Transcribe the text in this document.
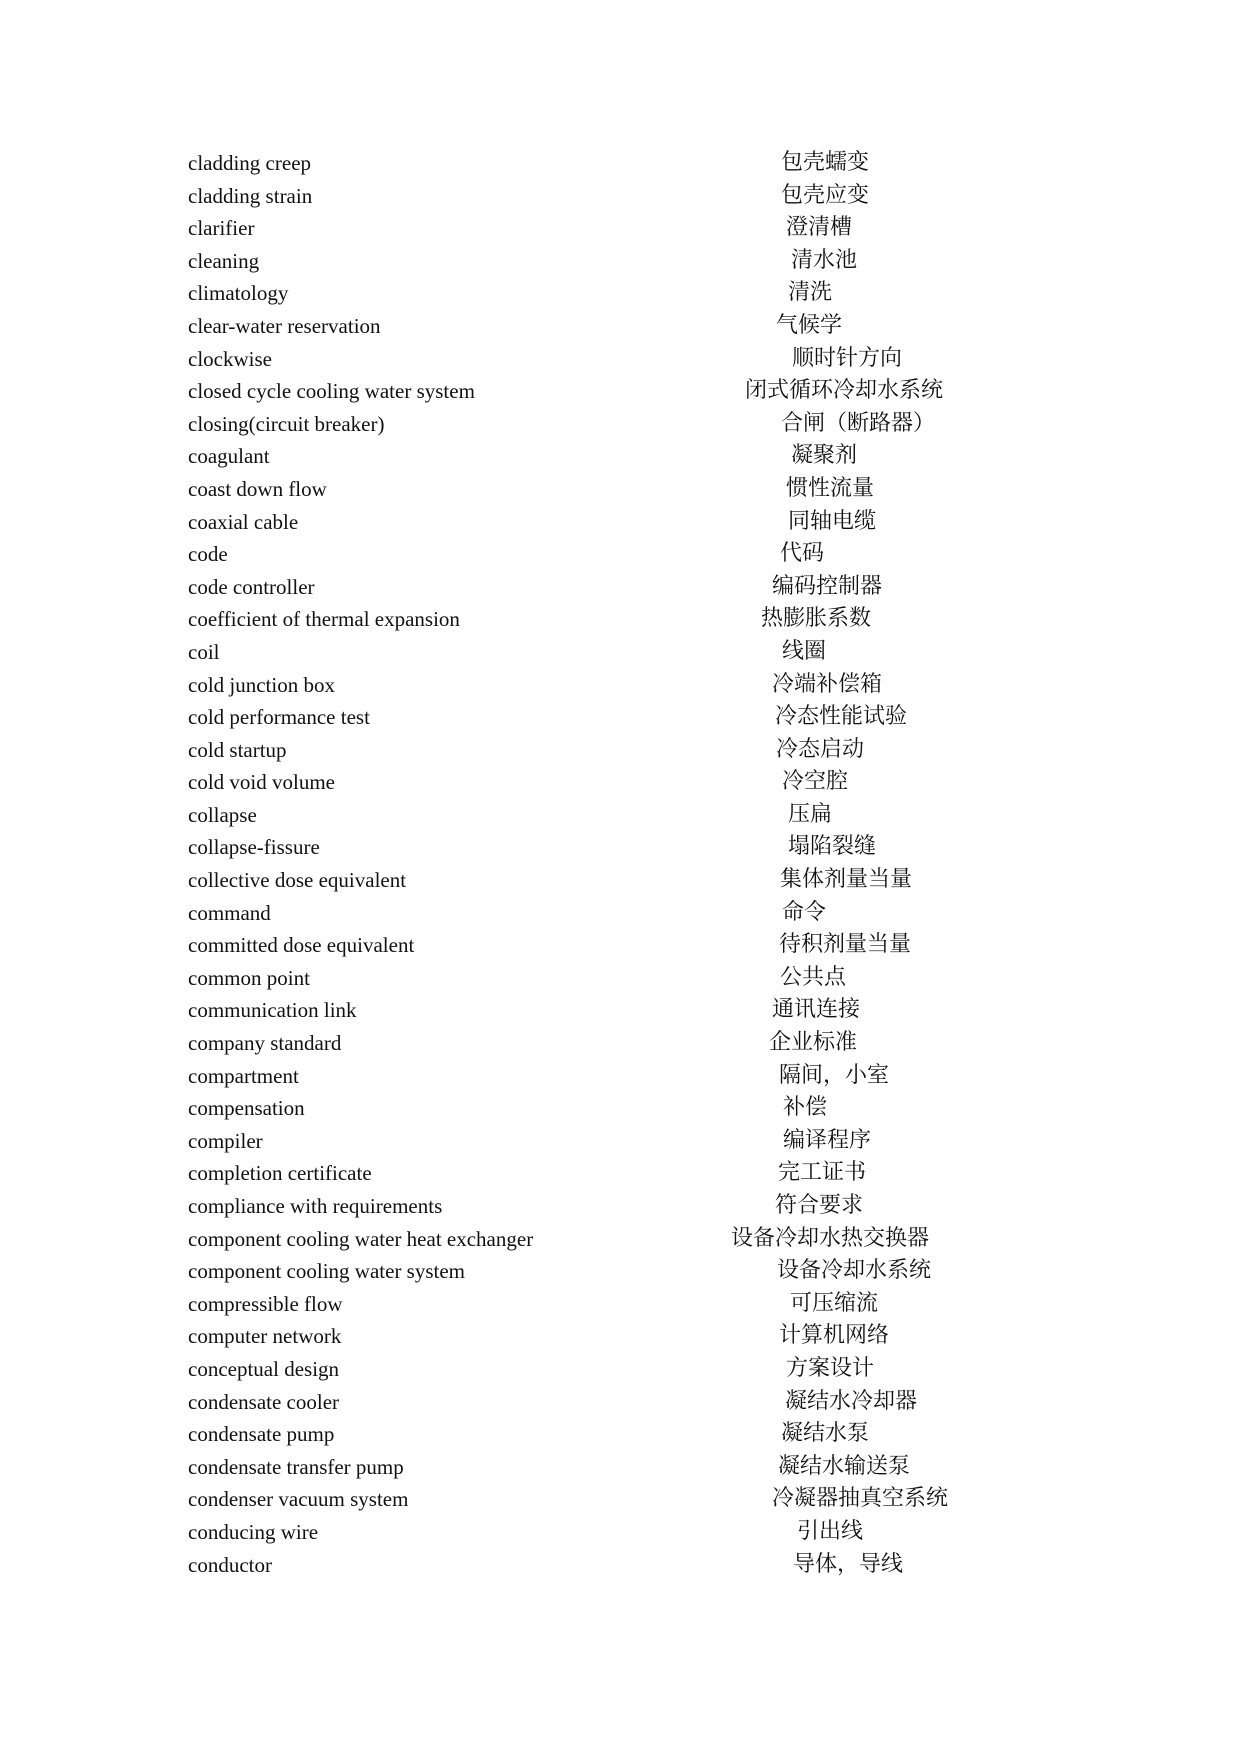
cladding creep	包壳蠕变
cladding strain	包壳应变
clarifier	澄清槽
cleaning	清水池
climatology	清洗
clear-water reservation	气候学
clockwise	顺时针方向
closed cycle cooling water system	闭式循环冷却水系统
closing(circuit breaker)	合闸（断路器）
coagulant	凝聚剂
coast down flow	惯性流量
coaxial cable	同轴电缆
code	代码
code controller	编码控制器
coefficient of thermal expansion	热膨胀系数
coil	线圈
cold junction box	冷端补偿箱
cold performance test	冷态性能试验
cold startup	冷态启动
cold void volume	冷空腔
collapse	压扁
collapse-fissure	塌陷裂缝
collective dose equivalent	集体剂量当量
command	命令
committed dose equivalent	待积剂量当量
common point	公共点
communication link	通讯连接
company standard	企业标准
compartment	隔间，小室
compensation	补偿
compiler	编译程序
completion certificate	完工证书
compliance with requirements	符合要求
component cooling water heat exchanger	设备冷却水热交换器
component cooling water system	设备冷却水系统
compressible flow	可压缩流
computer network	计算机网络
conceptual design	方案设计
condensate cooler	凝结水冷却器
condensate pump	凝结水泵
condensate transfer pump	凝结水输送泵
condenser vacuum system	冷凝器抽真空系统
conducing wire	引出线
conductor	导体，导线
